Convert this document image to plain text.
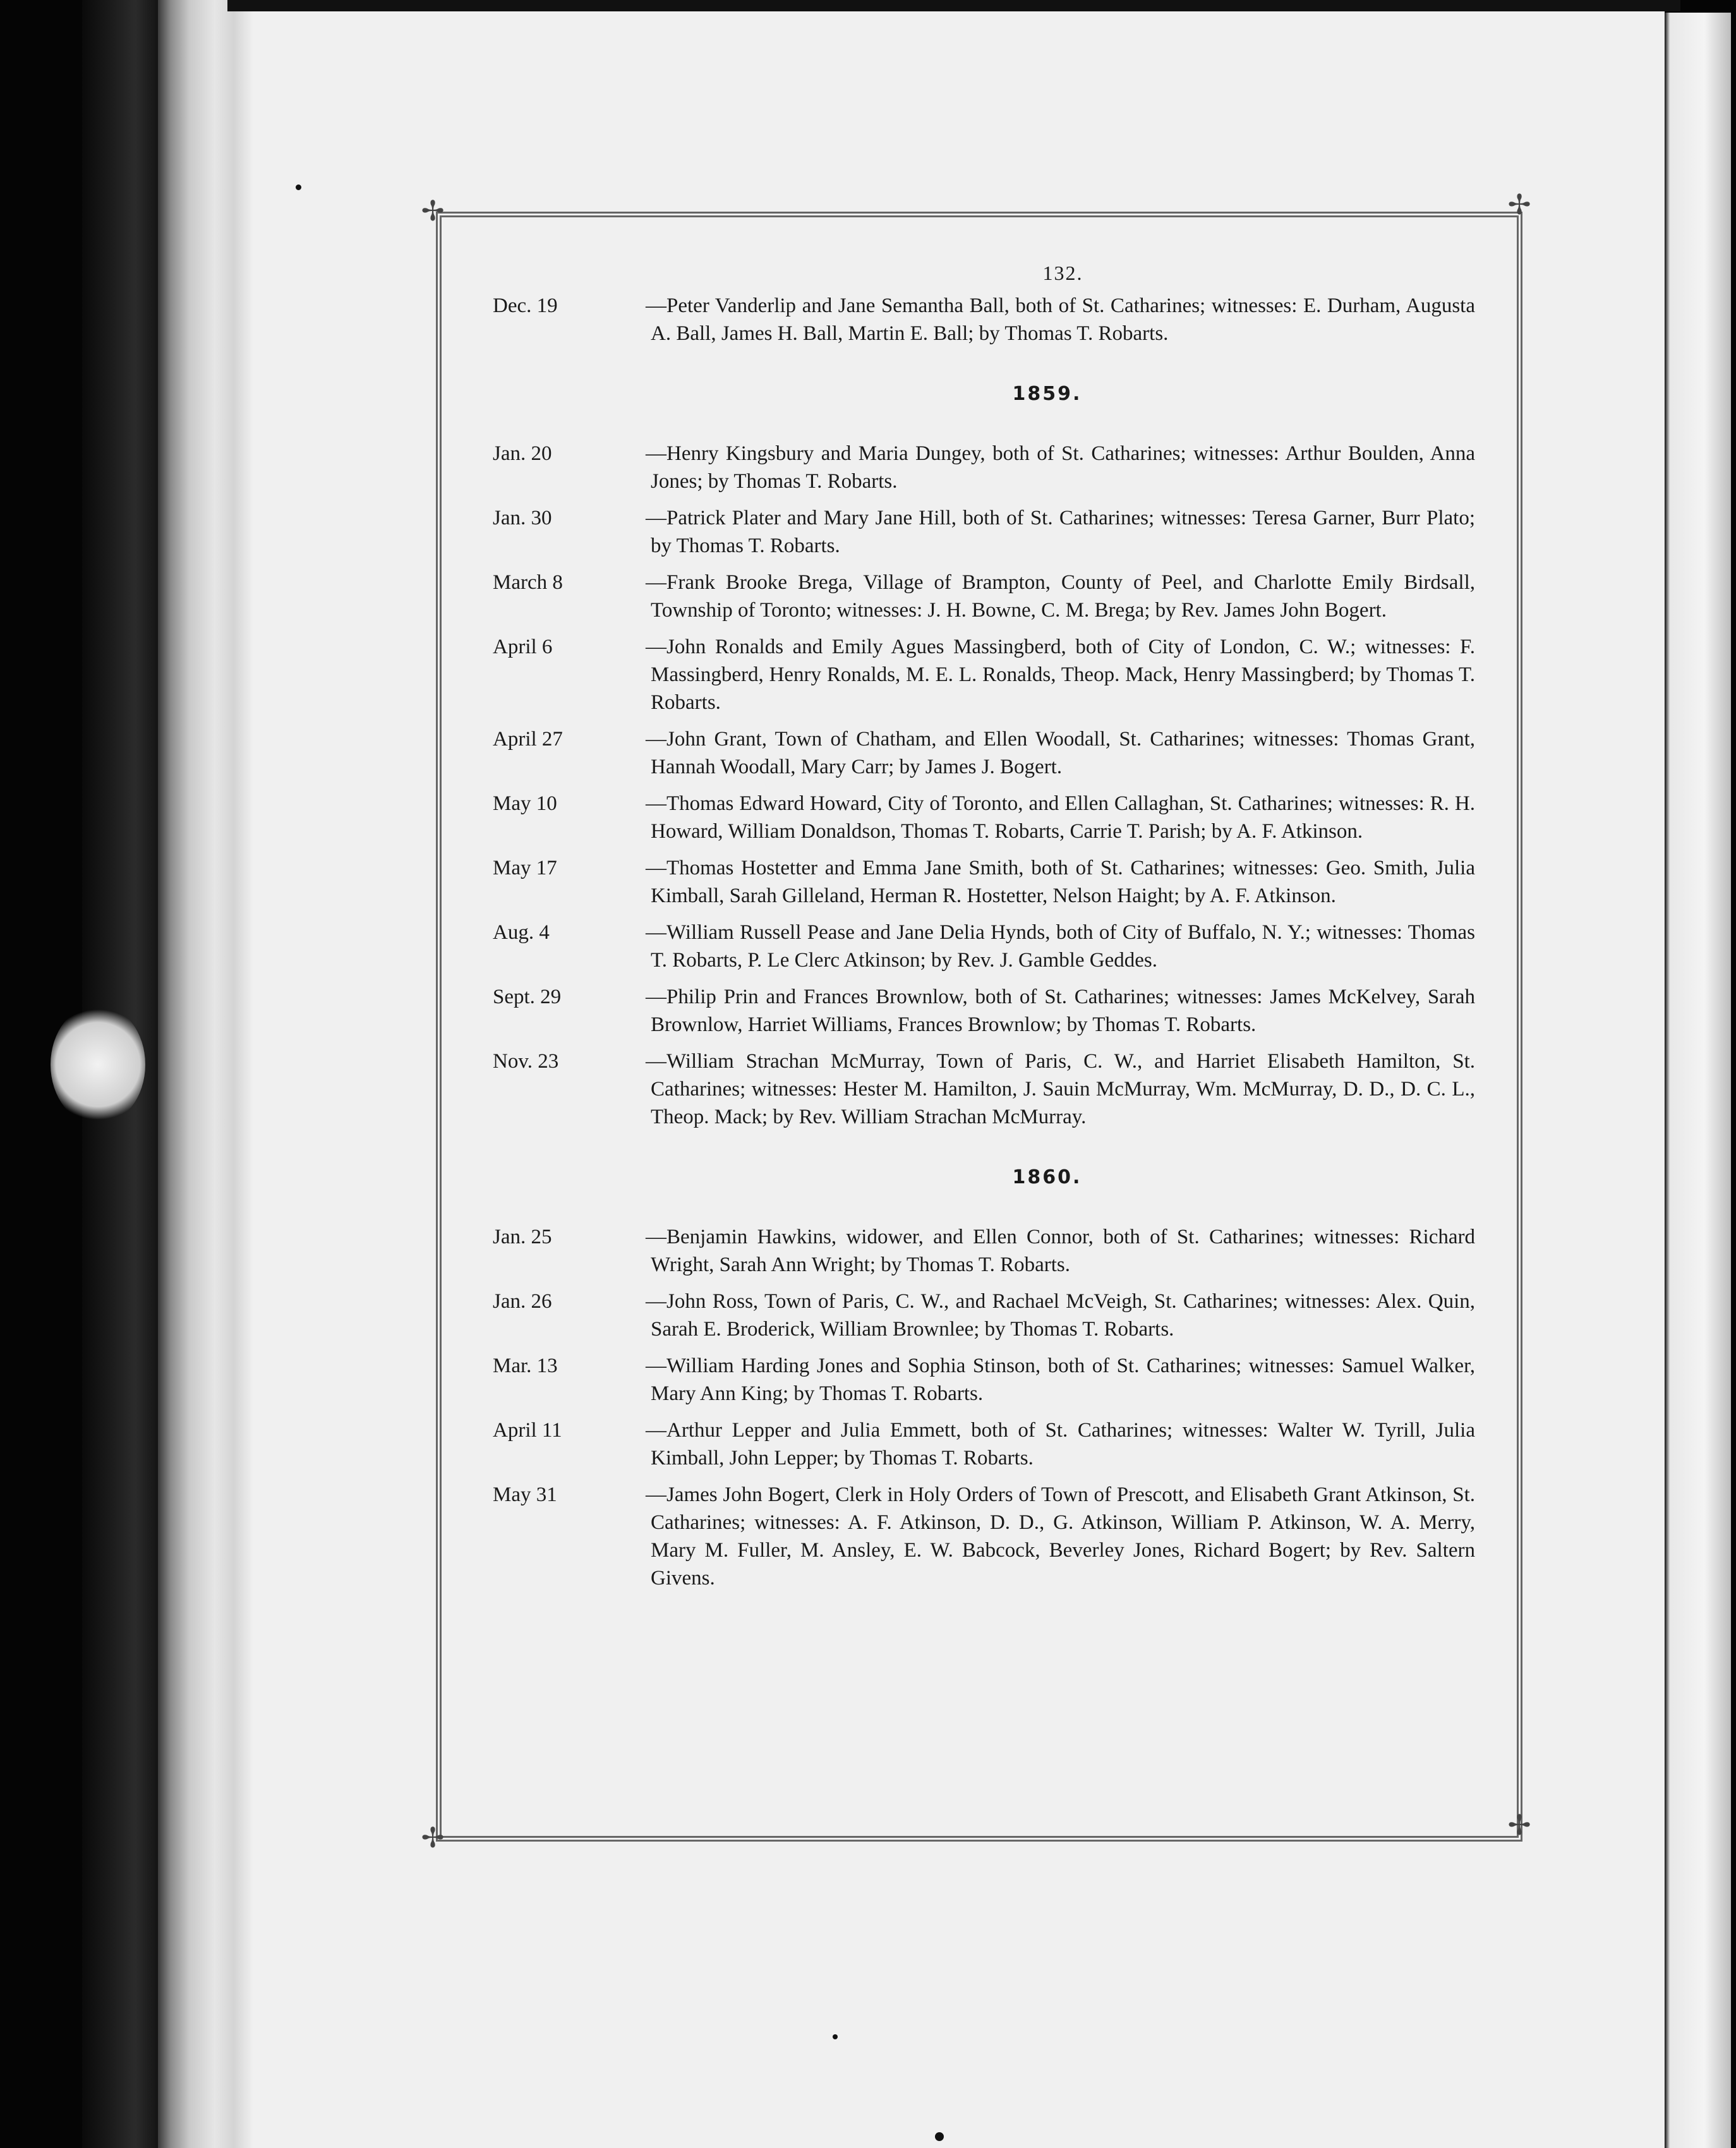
✢	✢
✢	✢
132.
Dec. 19	—Peter Vanderlip and Jane Semantha Ball, both of St. Catharines; witnesses: E. Durham, Augusta A. Ball, James H. Ball, Martin E. Ball; by Thomas T. Robarts.
1859.
Jan. 20	—Henry Kingsbury and Maria Dungey, both of St. Catharines; witnesses: Arthur Boulden, Anna Jones; by Thomas T. Robarts.
Jan. 30	—Patrick Plater and Mary Jane Hill, both of St. Catharines; witnesses: Teresa Garner, Burr Plato; by Thomas T. Robarts.
March 8	—Frank Brooke Brega, Village of Brampton, County of Peel, and Charlotte Emily Birdsall, Township of Toronto; witnesses: J. H. Bowne, C. M. Brega; by Rev. James John Bogert.
April 6	—John Ronalds and Emily Agues Massingberd, both of City of London, C. W.; witnesses: F. Massingberd, Henry Ronalds, M. E. L. Ronalds, Theop. Mack, Henry Massingberd; by Thomas T. Robarts.
April 27	—John Grant, Town of Chatham, and Ellen Woodall, St. Catharines; witnesses: Thomas Grant, Hannah Woodall, Mary Carr; by James J. Bogert.
May 10	—Thomas Edward Howard, City of Toronto, and Ellen Callaghan, St. Catharines; witnesses: R. H. Howard, William Donaldson, Thomas T. Robarts, Carrie T. Parish; by A. F. Atkinson.
May 17	—Thomas Hostetter and Emma Jane Smith, both of St. Catharines; witnesses: Geo. Smith, Julia Kimball, Sarah Gilleland, Herman R. Hostetter, Nelson Haight; by A. F. Atkinson.
Aug. 4	—William Russell Pease and Jane Delia Hynds, both of City of Buffalo, N. Y.; witnesses: Thomas T. Robarts, P. Le Clerc Atkinson; by Rev. J. Gamble Geddes.
Sept. 29	—Philip Prin and Frances Brownlow, both of St. Catharines; witnesses: James McKelvey, Sarah Brownlow, Harriet Williams, Frances Brownlow; by Thomas T. Robarts.
Nov. 23	—William Strachan McMurray, Town of Paris, C. W., and Harriet Elisabeth Hamilton, St. Catharines; witnesses: Hester M. Hamilton, J. Sauin McMurray, Wm. McMurray, D. D., D. C. L., Theop. Mack; by Rev. William Strachan McMurray.
1860.
Jan. 25	—Benjamin Hawkins, widower, and Ellen Connor, both of St. Catharines; witnesses: Richard Wright, Sarah Ann Wright; by Thomas T. Robarts.
Jan. 26	—John Ross, Town of Paris, C. W., and Rachael McVeigh, St. Catharines; witnesses: Alex. Quin, Sarah E. Broderick, William Brownlee; by Thomas T. Robarts.
Mar. 13	—William Harding Jones and Sophia Stinson, both of St. Catharines; witnesses: Samuel Walker, Mary Ann King; by Thomas T. Robarts.
April 11	—Arthur Lepper and Julia Emmett, both of St. Catharines; witnesses: Walter W. Tyrill, Julia Kimball, John Lepper; by Thomas T. Robarts.
May 31	—James John Bogert, Clerk in Holy Orders of Town of Prescott, and Elisabeth Grant Atkinson, St. Catharines; witnesses: A. F. Atkinson, D. D., G. Atkinson, William P. Atkinson, W. A. Merry, Mary M. Fuller, M. Ansley, E. W. Babcock, Beverley Jones, Richard Bogert; by Rev. Saltern Givens.
